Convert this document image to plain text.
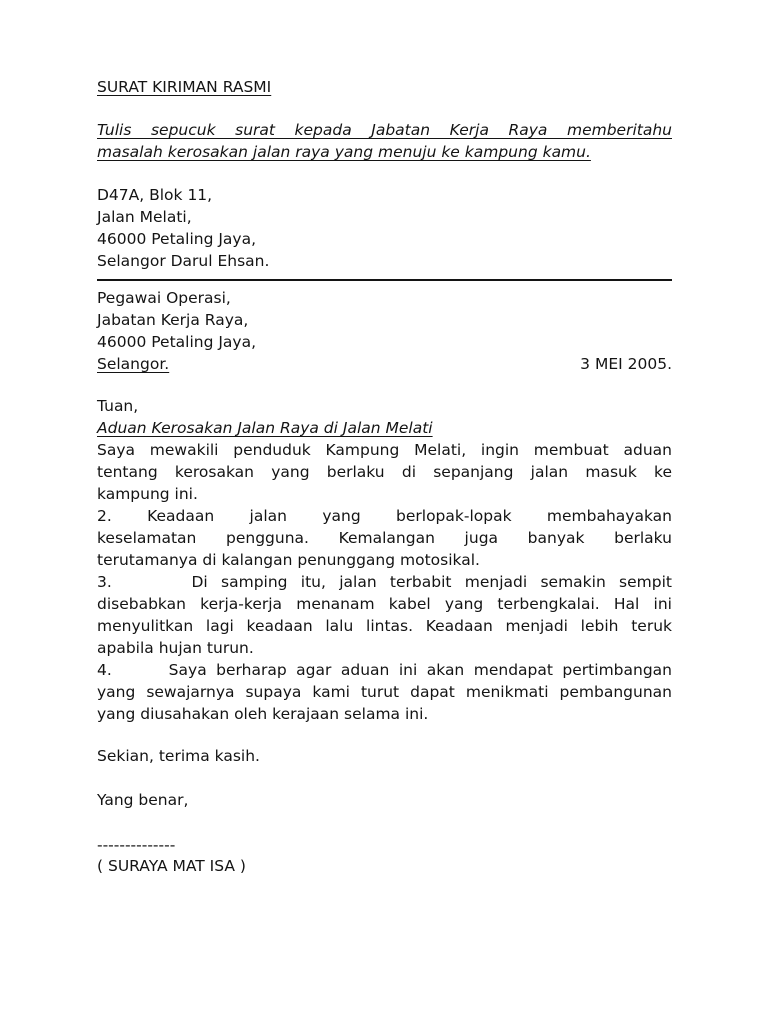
SURAT KIRIMAN RASMI
Tulis sepucuk surat kepada Jabatan Kerja Raya memberitahu
masalah kerosakan jalan raya yang menuju ke kampung kamu.
D47A, Blok 11,
Jalan Melati,
46000 Petaling Jaya,
Selangor Darul Ehsan.
Pegawai Operasi,
Jabatan Kerja Raya,
46000 Petaling Jaya,
Selangor.	3 MEI 2005.
Tuan,
Aduan Kerosakan Jalan Raya di Jalan Melati
Saya mewakili penduduk Kampung Melati, ingin membuat aduan
tentang kerosakan yang berlaku di sepanjang jalan masuk ke
kampung ini.
2.      Keadaan      jalan      yang      berlopak-lopak      membahayakan
keselamatan   pengguna.   Kemalangan   juga   banyak   berlaku
terutamanya di kalangan penunggang motosikal.
3.      Di samping itu, jalan terbabit menjadi semakin sempit
disebabkan kerja-kerja menanam kabel yang terbengkalai. Hal ini
menyulitkan lagi keadaan lalu lintas. Keadaan menjadi lebih teruk
apabila hujan turun.
4.      Saya berharap agar aduan ini akan mendapat pertimbangan
yang sewajarnya supaya kami turut dapat menikmati pembangunan
yang diusahakan oleh kerajaan selama ini.
Sekian, terima kasih.
Yang benar,
--------------
( SURAYA MAT ISA )
